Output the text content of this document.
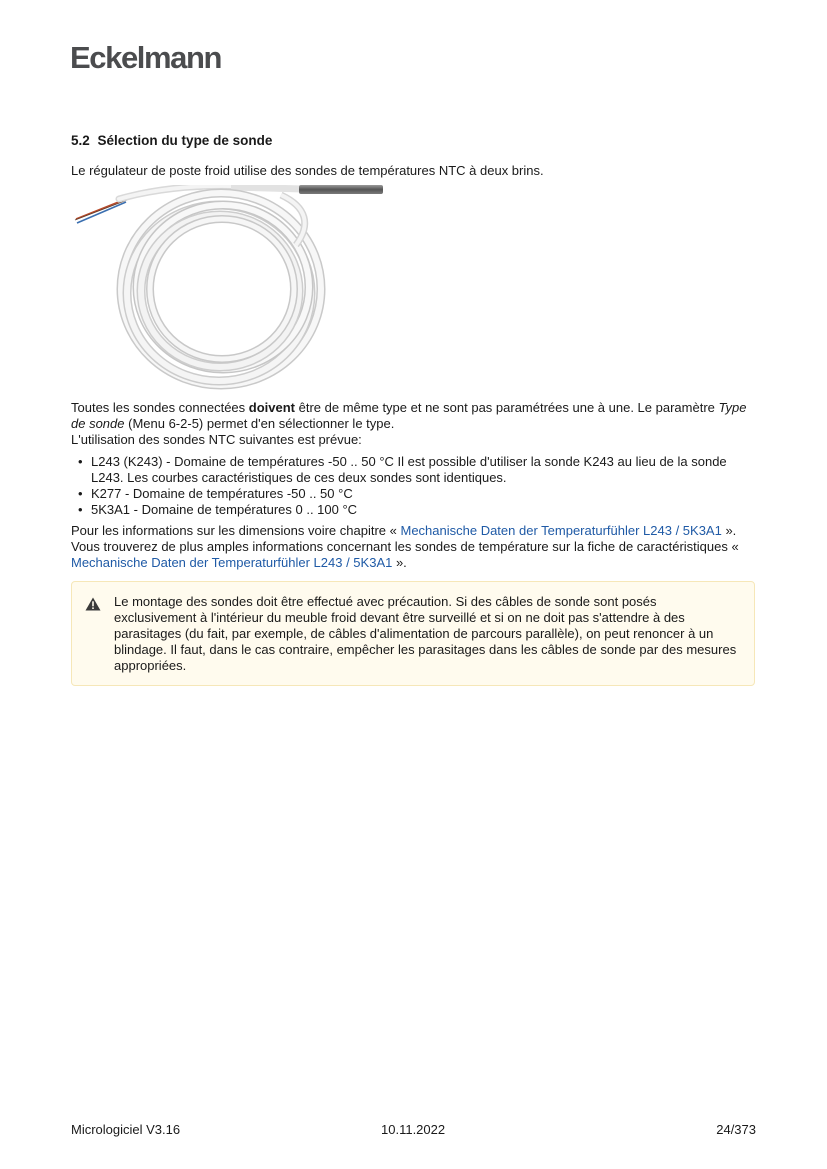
Eckelmann
5.2 Sélection du type de sonde

Le régulateur de poste froid utilise des sondes de températures NTC à deux brins.

Toutes les sondes connectées doivent être de même type et ne sont pas paramétrées une à une. Le paramètre Type de sonde (Menu 6-2-5) permet d'en sélectionner le type.

L'utilisation des sondes NTC suivantes est prévue:

• L243 (K243) - Domaine de températures -50 .. 50 °C Il est possible d'utiliser la sonde K243 au lieu de la sonde L243. Les courbes caractéristiques de ces deux sondes sont identiques.
• K277 - Domaine de températures -50 .. 50 °C
• 5K3A1 - Domaine de températures 0 .. 100 °C

Pour les informations sur les dimensions voire chapitre « Mechanische Daten der Temperaturfühler L243 / 5K3A1 ».

Vous trouverez de plus amples informations concernant les sondes de température sur la fiche de caractéristiques « Mechanische Daten der Temperaturfühler L243 / 5K3A1 ».

Le montage des sondes doit être effectué avec précaution. Si des câbles de sonde sont posés exclusivement à l'intérieur du meuble froid devant être surveillé et si on ne doit pas s'attendre à des parasitages (du fait, par exemple, de câbles d'alimentation de parcours parallèle), on peut renoncer à un blindage. Il faut, dans le cas contraire, empêcher les parasitages dans les câbles de sonde par des mesures appropriées.

Micrologiciel V3.16	10.11.2022	24/373
